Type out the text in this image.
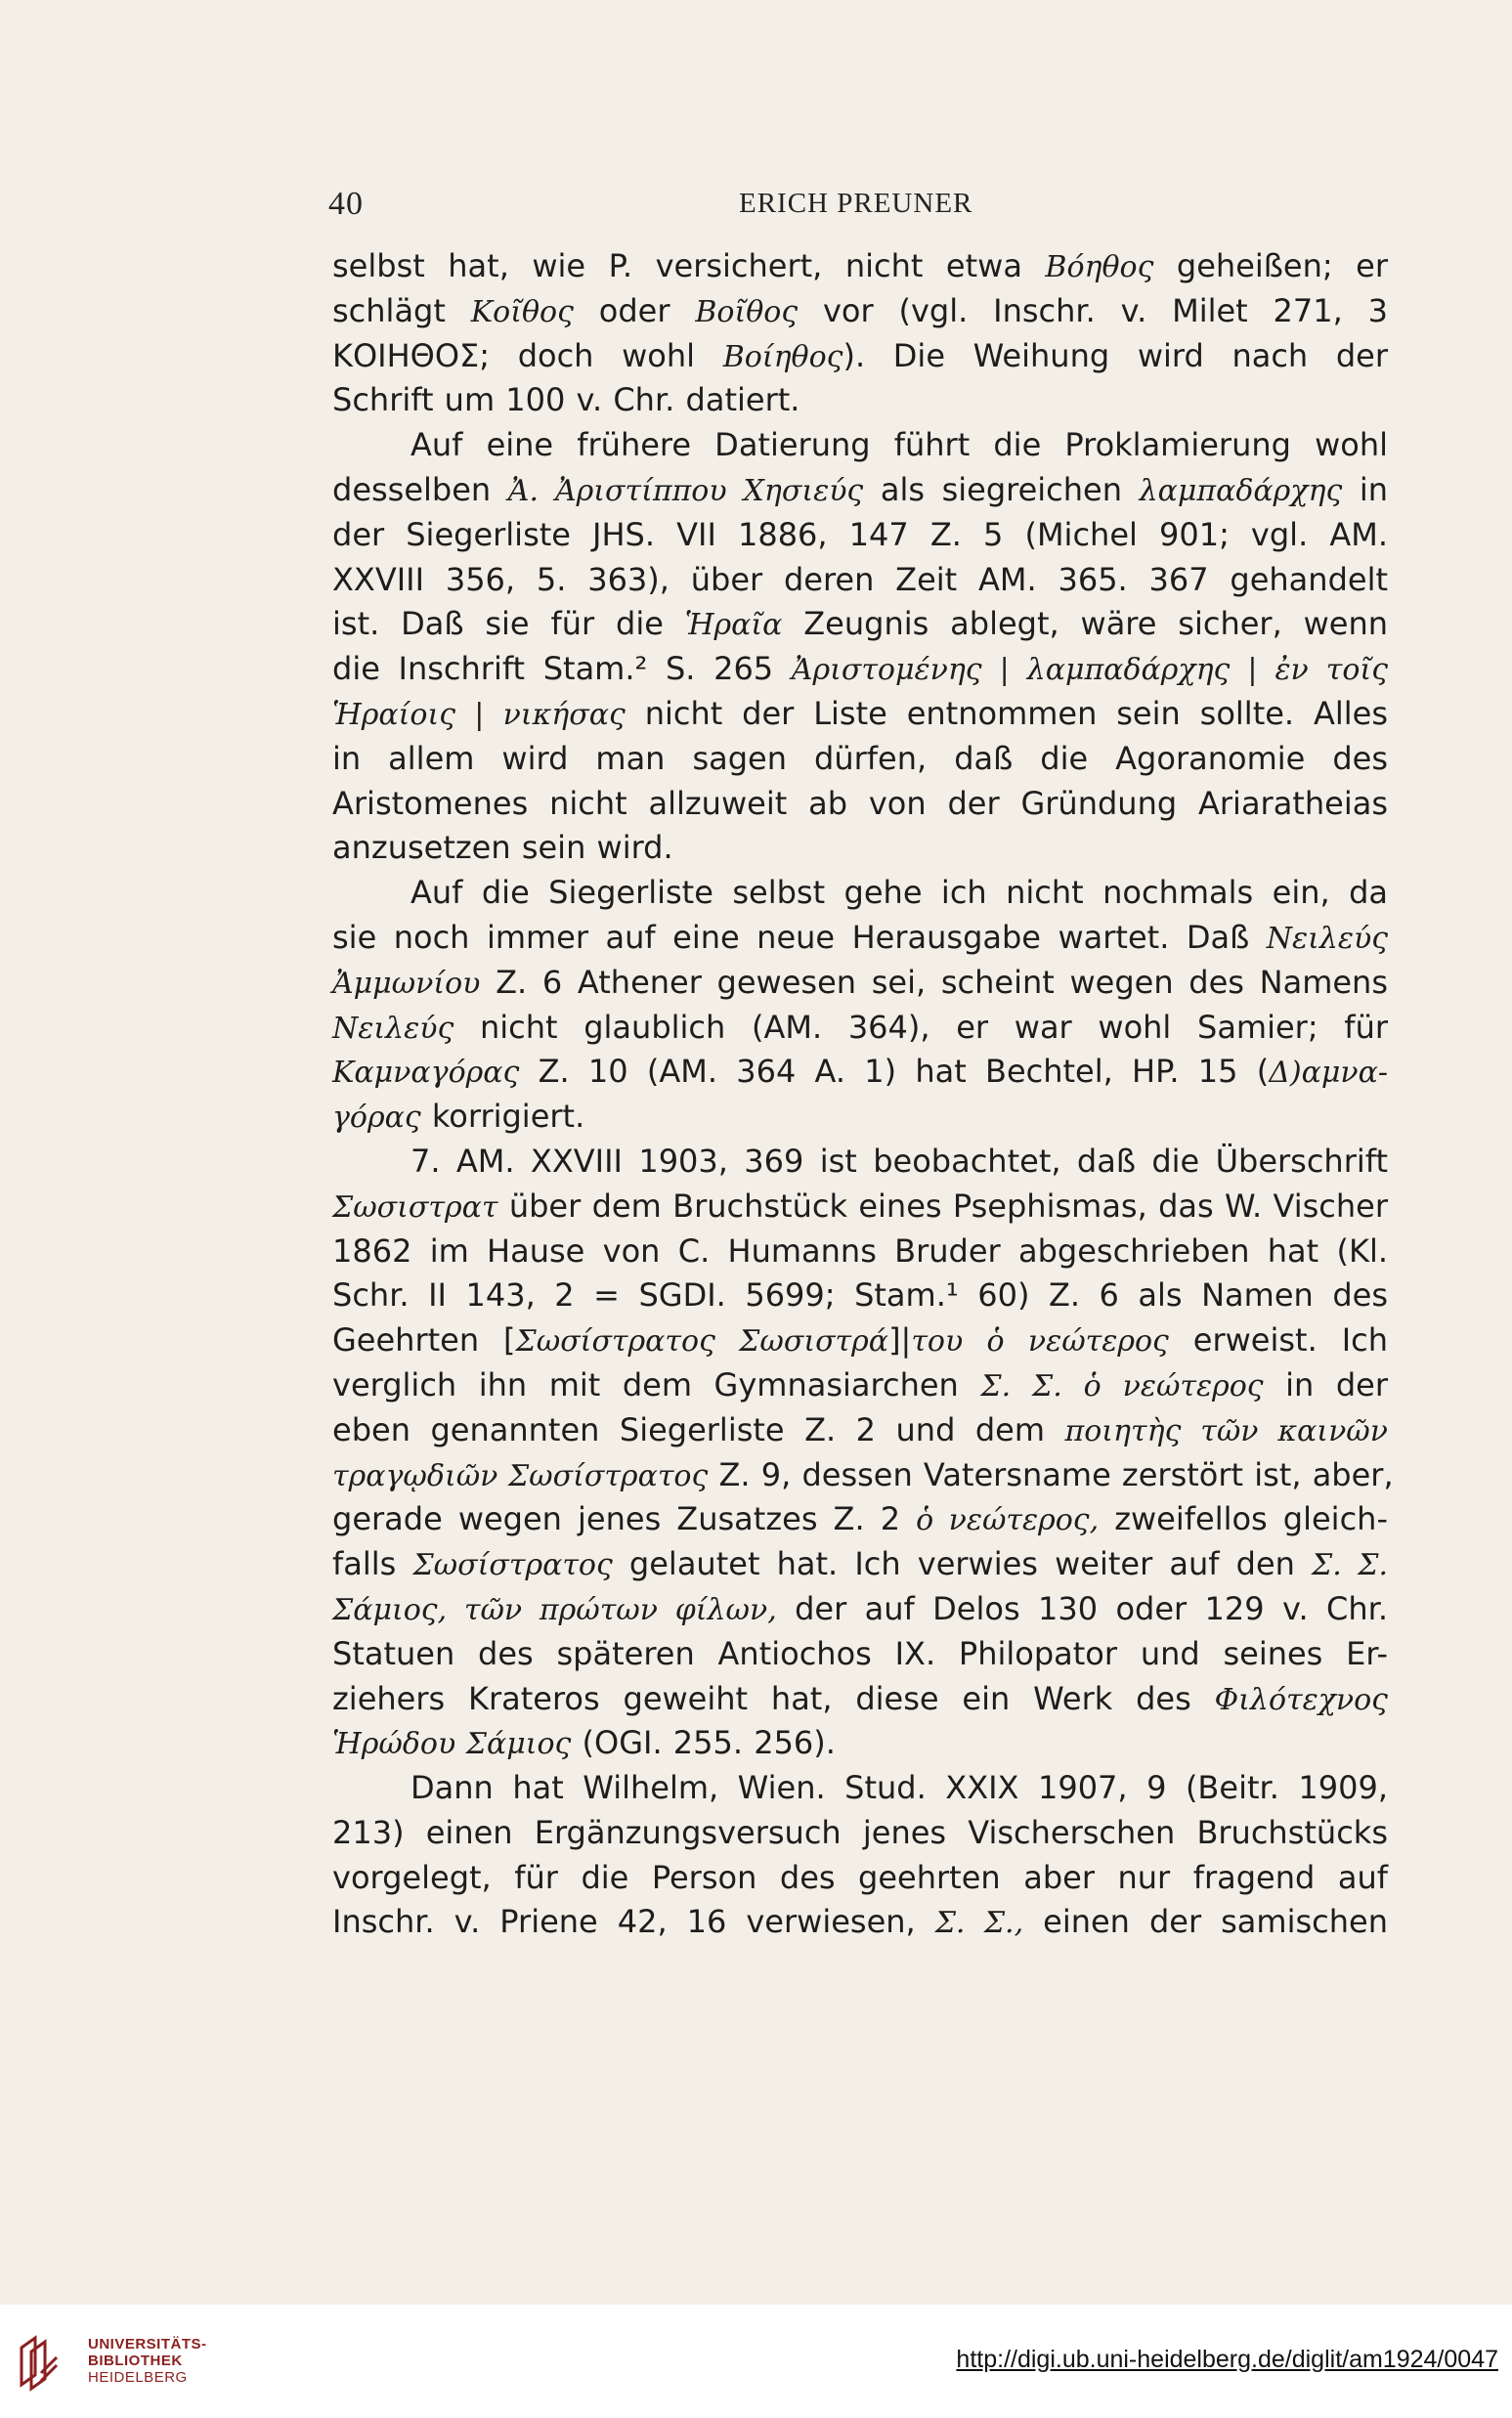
40	ERICH PREUNER
selbst hat, wie P. versichert, nicht etwa Βόηθος geheißen; er
schlägt Κοῖθος oder Βοῖθος vor (vgl. Inschr. v. Milet 271, 3
ΚΟΙΗΘΟΣ; doch wohl Βοίηθος). Die Weihung wird nach der
Schrift um 100 v. Chr. datiert.
Auf eine frühere Datierung führt die Proklamierung wohl
desselben Ἀ. Ἀριστίππου Χησιεύς als siegreichen λαμπαδάρχης in
der Siegerliste JHS. VII 1886, 147 Z. 5 (Michel 901; vgl. AM.
XXVIII 356, 5. 363), über deren Zeit AM. 365. 367 gehandelt
ist. Daß sie für die Ἡραῖα Zeugnis ablegt, wäre sicher, wenn
die Inschrift Stam.² S. 265 Ἀριστομένης | λαμπαδάρχης | ἐν τοῖς
Ἡραίοις | νικήσας nicht der Liste entnommen sein sollte. Alles
in allem wird man sagen dürfen, daß die Agoranomie des
Aristomenes nicht allzuweit ab von der Gründung Ariaratheias
anzusetzen sein wird.
Auf die Siegerliste selbst gehe ich nicht nochmals ein, da
sie noch immer auf eine neue Herausgabe wartet. Daß Νειλεύς
Ἀμμωνίου Z. 6 Athener gewesen sei, scheint wegen des Namens
Νειλεύς nicht glaublich (AM. 364), er war wohl Samier; für
Καμναγόρας Z. 10 (AM. 364 A. 1) hat Bechtel, HP. 15 (Δ)αμνα-
γόρας korrigiert.
7. AM. XXVIII 1903, 369 ist beobachtet, daß die Überschrift
Σωσιστρατ über dem Bruchstück eines Psephismas, das W. Vischer
1862 im Hause von C. Humanns Bruder abgeschrieben hat (Kl.
Schr. II 143, 2 = SGDI. 5699; Stam.¹ 60) Z. 6 als Namen des
Geehrten [Σωσίστρατος Σωσιστρά]|του ὁ νεώτερος erweist. Ich
verglich ihn mit dem Gymnasiarchen Σ. Σ. ὁ νεώτερος in der
eben genannten Siegerliste Z. 2 und dem ποιητὴς τῶν καινῶν
τραγῳδιῶν Σωσίστρατος Z. 9, dessen Vatersname zerstört ist, aber,
gerade wegen jenes Zusatzes Z. 2 ὁ νεώτερος, zweifellos gleich-
falls Σωσίστρατος gelautet hat. Ich verwies weiter auf den Σ. Σ.
Σάμιος, τῶν πρώτων φίλων, der auf Delos 130 oder 129 v. Chr.
Statuen des späteren Antiochos IX. Philopator und seines Er-
ziehers Krateros geweiht hat, diese ein Werk des Φιλότεχνος
Ἡρώδου Σάμιος (OGI. 255. 256).
Dann hat Wilhelm, Wien. Stud. XXIX 1907, 9 (Beitr. 1909,
213) einen Ergänzungsversuch jenes Vischerschen Bruchstücks
vorgelegt, für die Person des geehrten aber nur fragend auf
Inschr. v. Priene 42, 16 verwiesen, Σ. Σ., einen der samischen
UNIVERSITÄTS-
BIBLIOTHEK
HEIDELBERG
http://digi.ub.uni-heidelberg.de/diglit/am1924/0047
